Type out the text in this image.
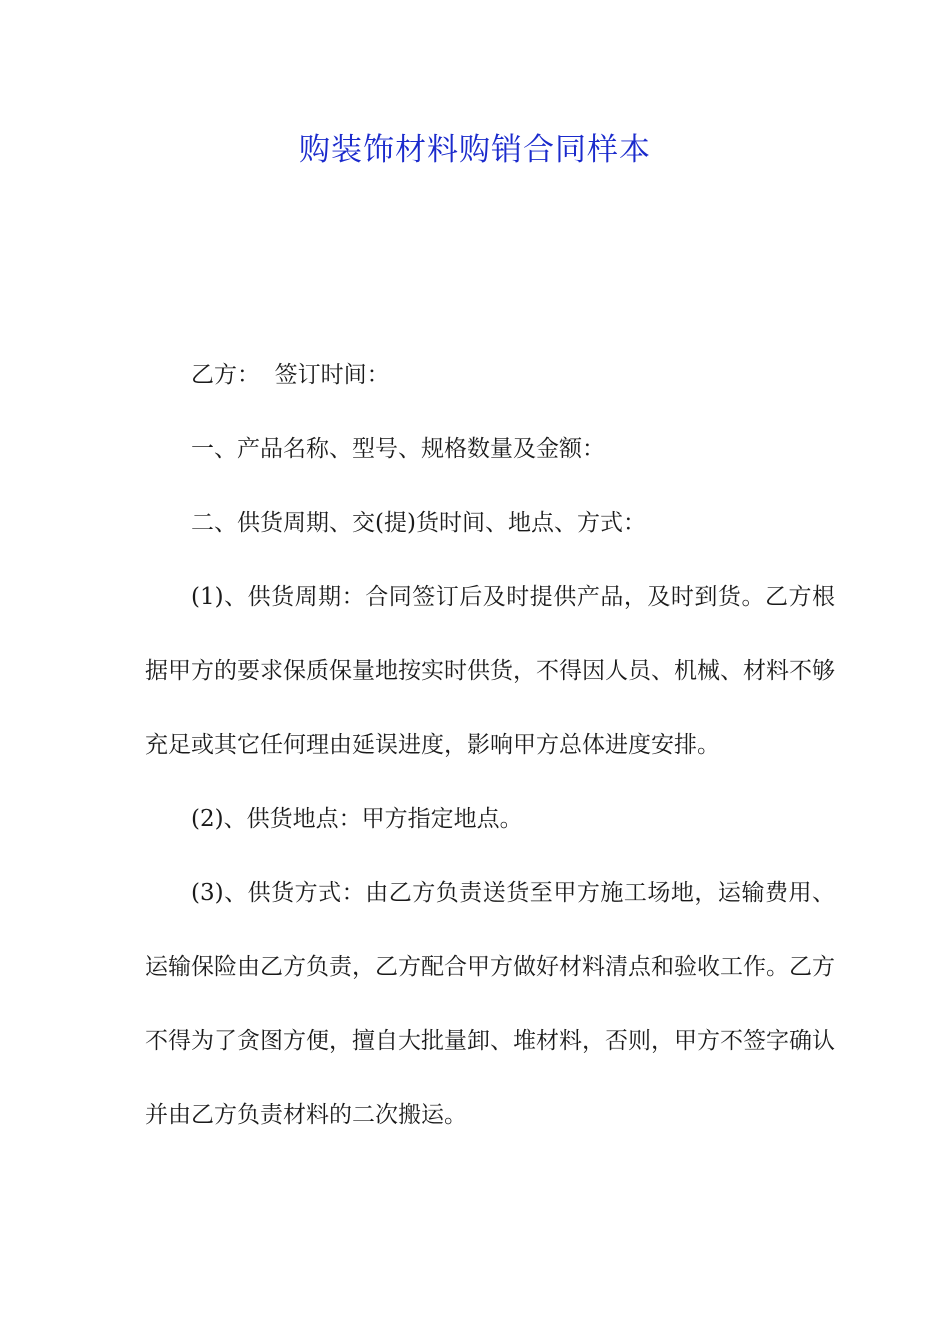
购装饰材料购销合同样本

乙方：  签订时间：

一、产品名称、型号、规格数量及金额：

二、供货周期、交(提)货时间、地点、方式：

(1)、供货周期：合同签订后及时提供产品，及时到货。乙方根据甲方的要求保质保量地按实时供货，不得因人员、机械、材料不够充足或其它任何理由延误进度，影响甲方总体进度安排。

(2)、供货地点：甲方指定地点。

(3)、供货方式：由乙方负责送货至甲方施工场地，运输费用、运输保险由乙方负责，乙方配合甲方做好材料清点和验收工作。乙方不得为了贪图方便，擅自大批量卸、堆材料，否则，甲方不签字确认并由乙方负责材料的二次搬运。
